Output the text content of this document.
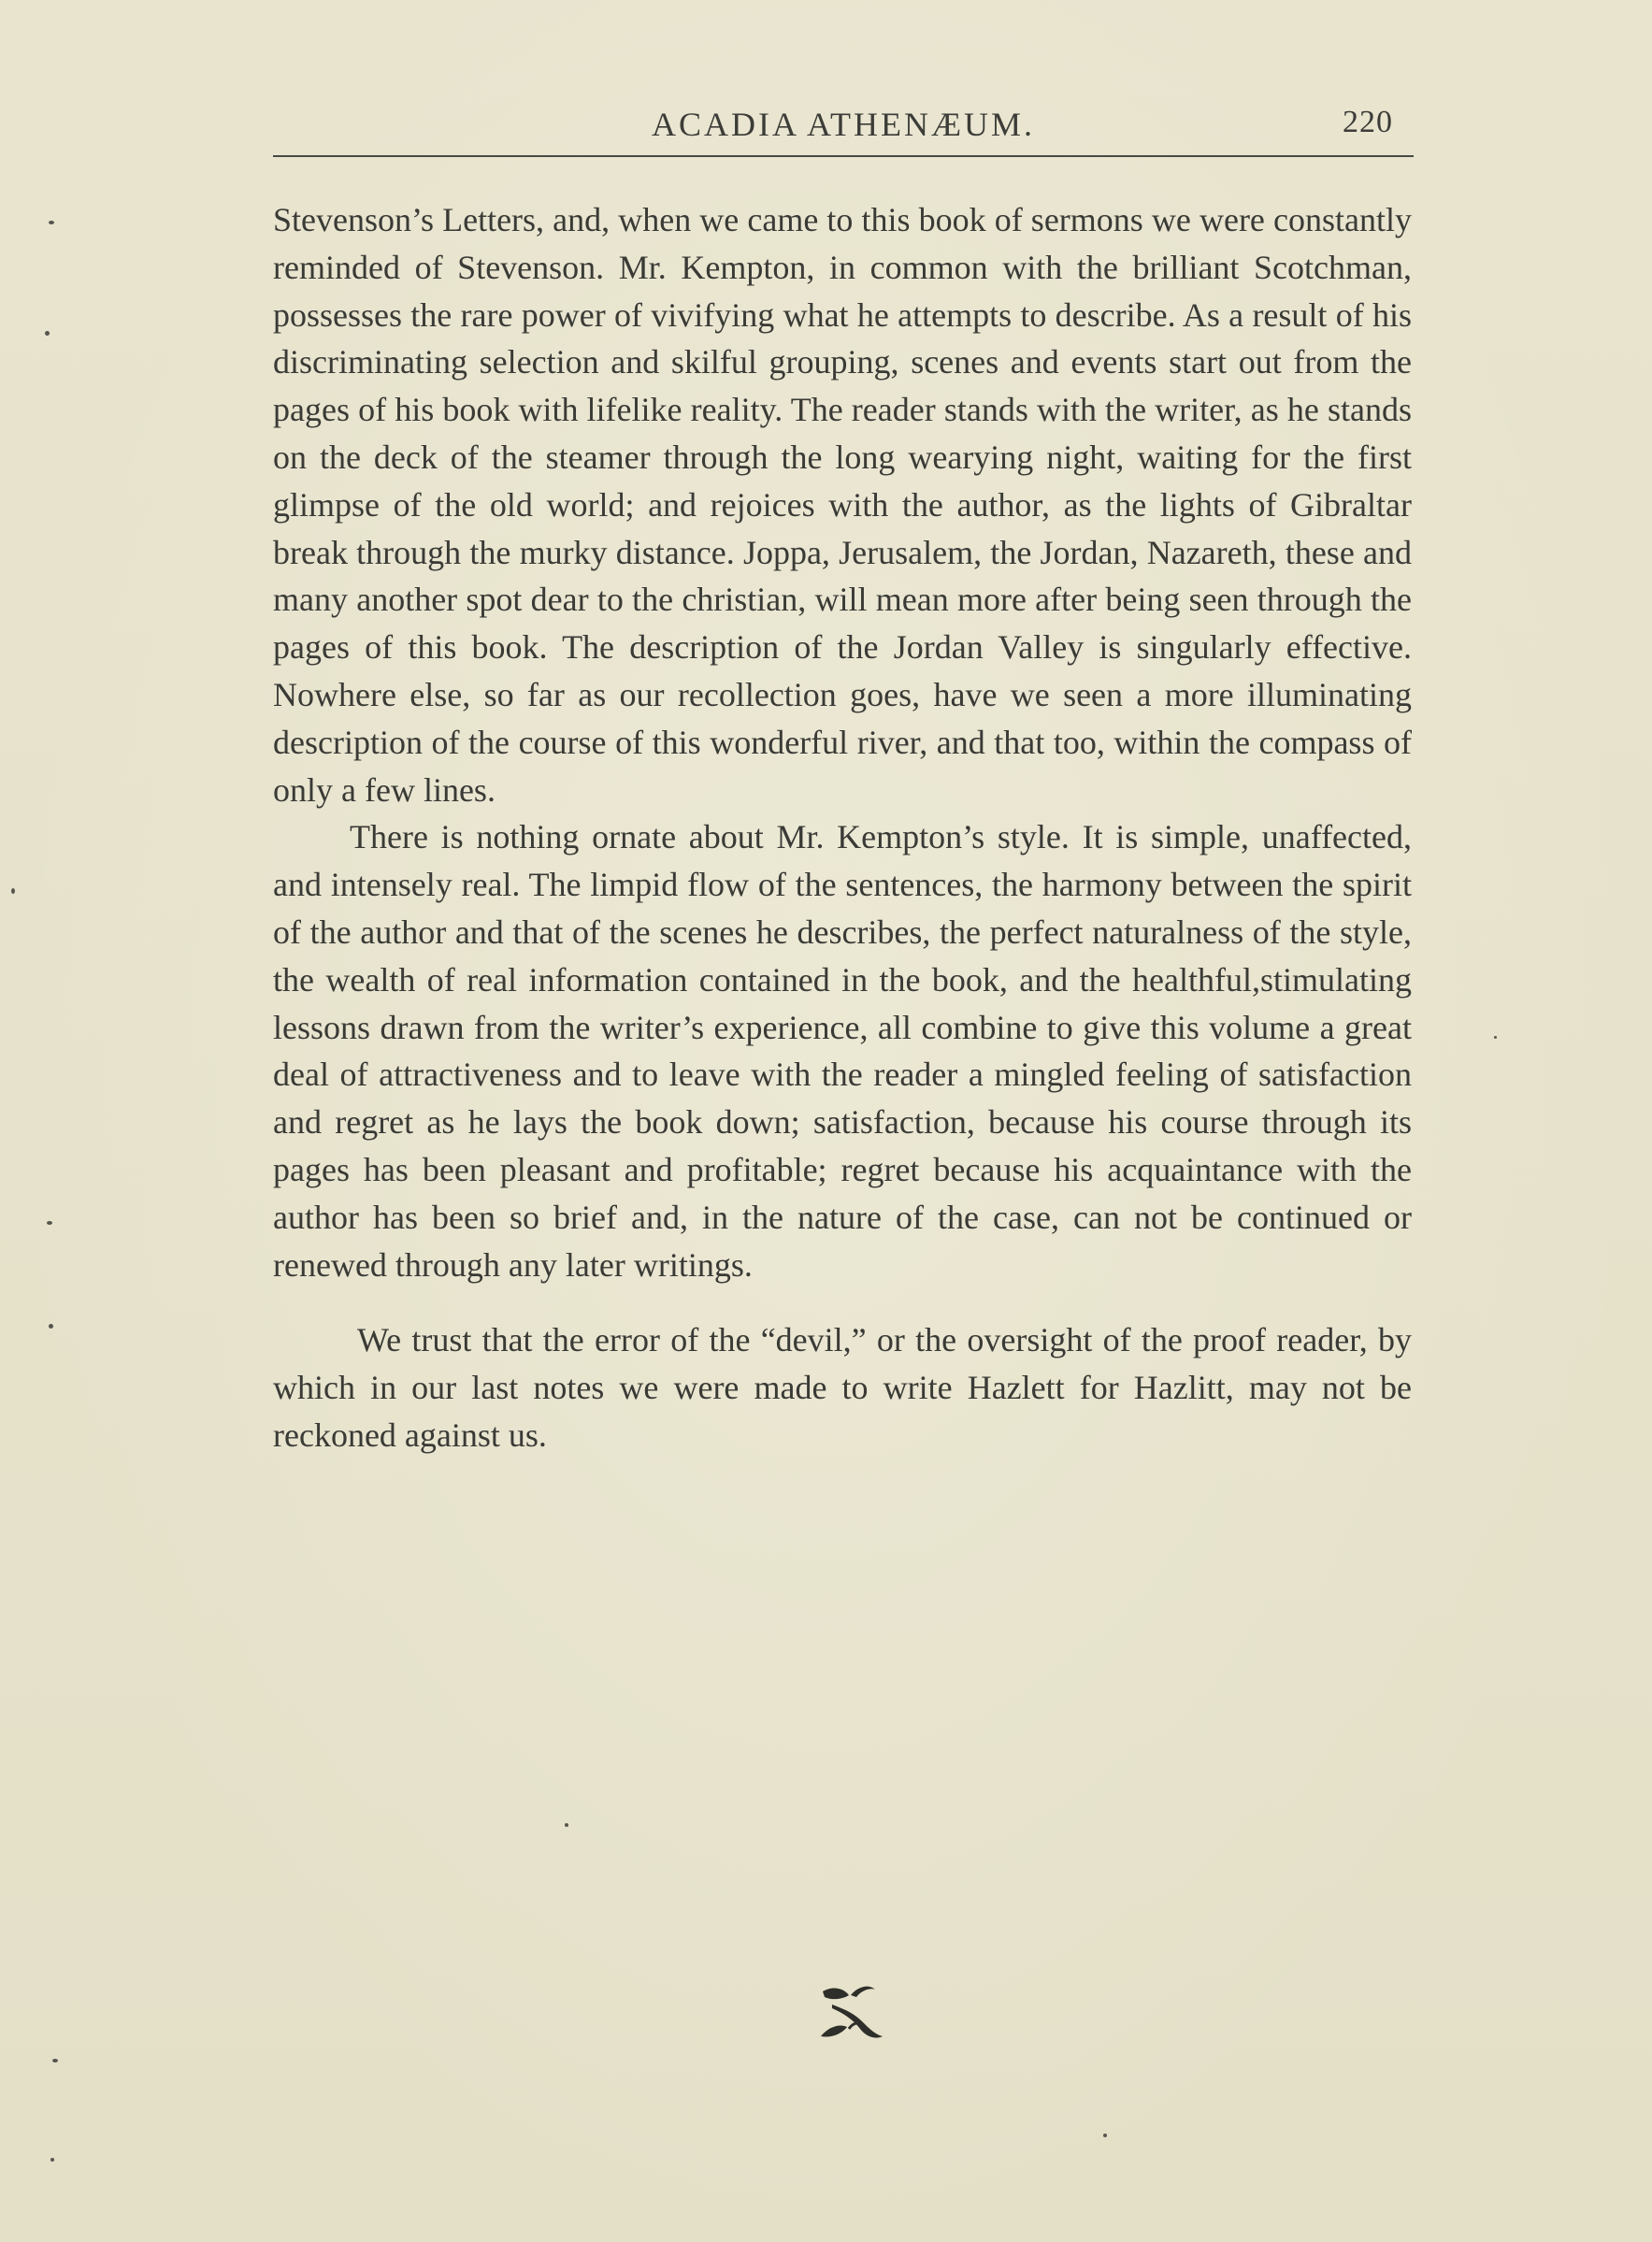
ACADIA ATHENÆUM.	220

Stevenson’s Letters, and, when we came to this book of sermons we were constantly reminded of Stevenson. Mr. Kempton, in common with the brilliant Scotchman, possesses the rare power of vivifying what he attempts to describe. As a result of his discriminating selection and skilful grouping, scenes and events start out from the pages of his book with lifelike reality. The reader stands with the writer, as he stands on the deck of the steamer through the long wearying night, waiting for the first glimpse of the old world; and rejoices with the author, as the lights of Gibraltar break through the murky distance. Joppa, Jerusalem, the Jordan, Nazareth, these and many another spot dear to the christian, will mean more after being seen through the pages of this book. The description of the Jordan Valley is singularly effective. Nowhere else, so far as our recollection goes, have we seen a more illuminating description of the course of this wonderful river, and that too, within the compass of only a few lines.

There is nothing ornate about Mr. Kempton’s style. It is simple, unaffected, and intensely real. The limpid flow of the sentences, the harmony between the spirit of the author and that of the scenes he describes, the perfect naturalness of the style, the wealth of real information contained in the book, and the healthful,stimulating lessons drawn from the writer’s experience, all combine to give this volume a great deal of attractiveness and to leave with the reader a mingled feeling of satisfaction and regret as he lays the book down; satisfaction, because his course through its pages has been pleasant and profitable; regret because his acquaintance with the author has been so brief and, in the nature of the case, can not be continued or renewed through any later writings.

We trust that the error of the “devil,” or the oversight of the proof reader, by which in our last notes we were made to write Hazlett for Hazlitt, may not be reckoned against us.
